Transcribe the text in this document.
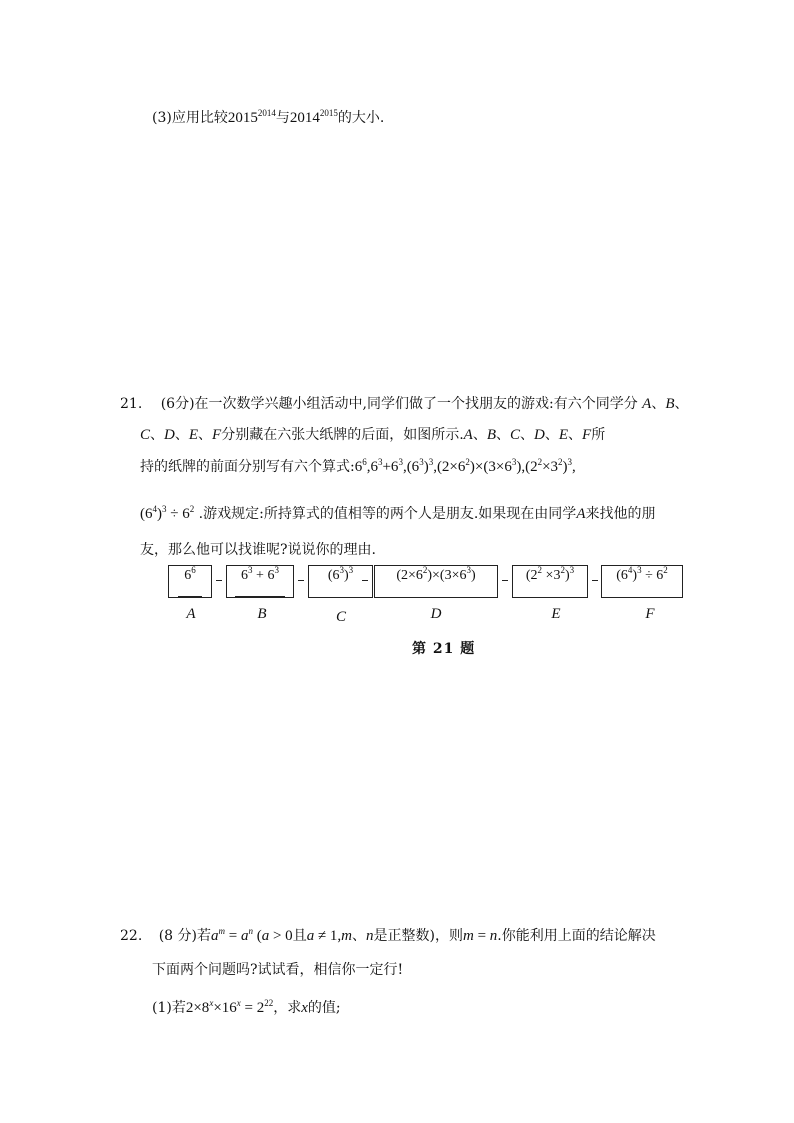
(3)应用比较$2015^{2014}$与$2014^{2015}$的大小.
21. (6分)在一次数学兴趣小组活动中,同学们做了一个找朋友的游戏:有六个同学分 A、B、
C、D、E、F分别藏在六张大纸牌的后面，如图所示.A、B、C、D、E、F所
持的纸牌的前面分别写有六个算式$:6^6,6^3+6^3,(6^3)^3,(2\times 6^2)\times(3\times 6^3),(2^2\times 3^2)^3$,
$(6^4)^3 \div 6^2$ .游戏规定:所持算式的值相等的两个人是朋友.如果现在由同学A来找他的朋
友，那么他可以找谁呢?说说你的理由.
$6^6$	$6^3 + 6^3$	$(6^3)^3$	$(2\times 6^2)\times(3\times 6^3)$	$(2^2 \times 3^2)^3$	$(6^4)^3 \div 6^2$
A	B	C	D	E	F
第 21 题
22. (8 分)若$a^m = a^n$ (a > 0且a ≠ 1,m、n是正整数)，则m = n.你能利用上面的结论解决
下面两个问题吗?试试看，相信你一定行!
(1)若$2\times 8^x\times 16^x = 2^{22}$，求x的值;
